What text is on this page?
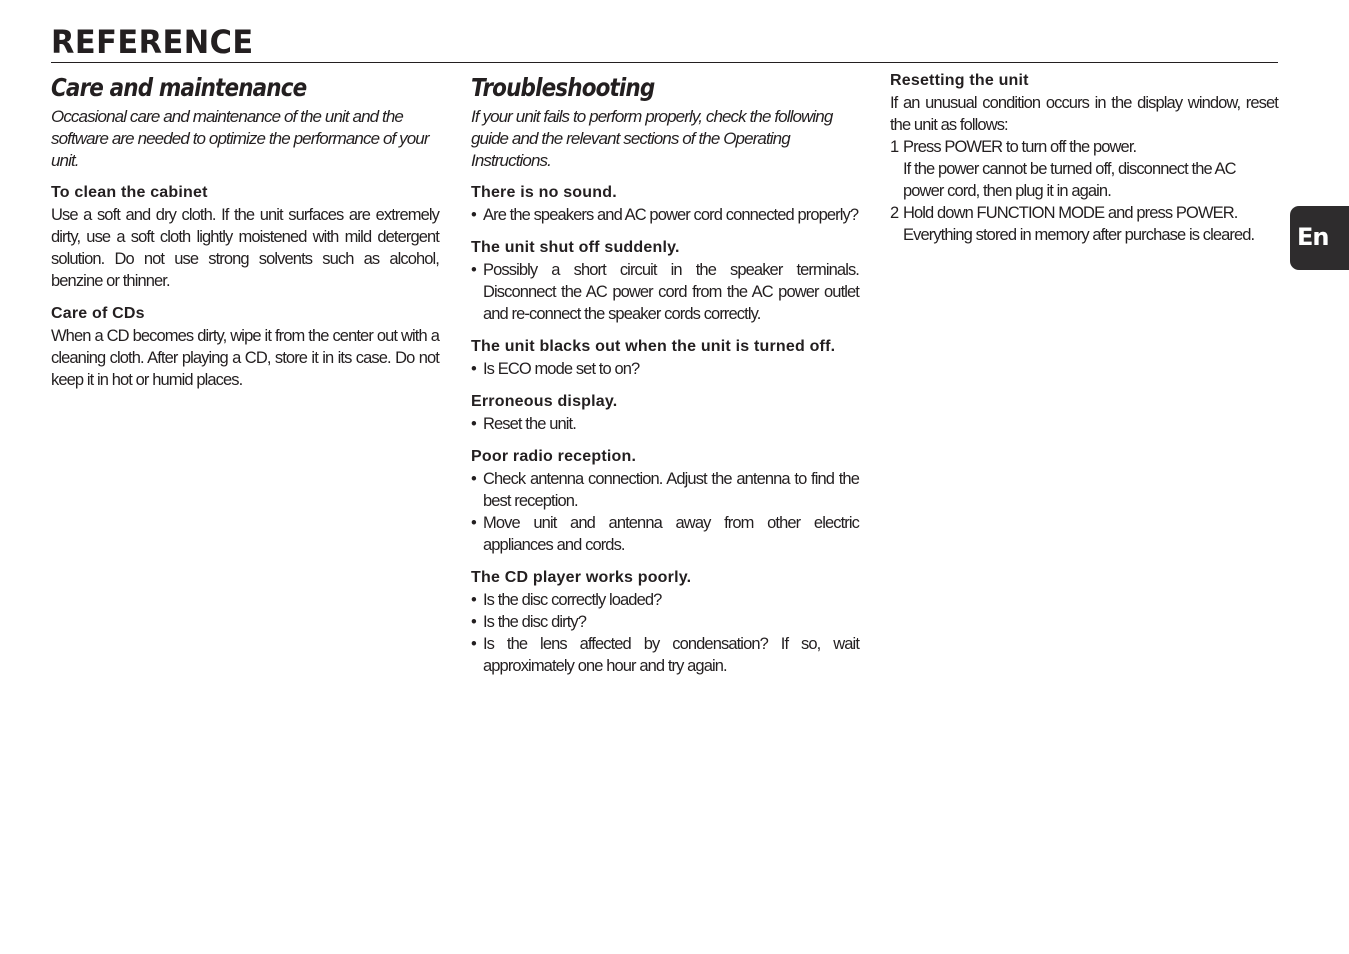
REFERENCE
Care and maintenance

Occasional care and maintenance of the unit and the software are needed to optimize the performance of your unit.

To clean the cabinet

Use a soft and dry cloth. If the unit surfaces are extremely dirty, use a soft cloth lightly moistened with mild detergent solution. Do not use strong solvents such as alcohol, benzine or thinner.

Care of CDs

When a CD becomes dirty, wipe it from the center out with a cleaning cloth. After playing a CD, store it in its case. Do not keep it in hot or humid places.

Troubleshooting

If your unit fails to perform properly, check the following guide and the relevant sections of the Operating Instructions.

There is no sound.
• Are the speakers and AC power cord connected properly?
The unit shut off suddenly.
• Possibly a short circuit in the speaker terminals. Disconnect the AC power cord from the AC power outlet and re-connect the speaker cords correctly.
The unit blacks out when the unit is turned off.
• Is ECO mode set to on?
Erroneous display.
• Reset the unit.
Poor radio reception.
• Check antenna connection. Adjust the antenna to find the best reception.
• Move unit and antenna away from other electric appliances and cords.
The CD player works poorly.
• Is the disc correctly loaded?
• Is the disc dirty?
• Is the lens affected by condensation? If so, wait approximately one hour and try again.
Resetting the unit

If an unusual condition occurs in the display window, reset the unit as follows:

1 Press POWER to turn off the power.
If the power cannot be turned off, disconnect the AC power cord, then plug it in again.
2 Hold down FUNCTION MODE and press POWER.
Everything stored in memory after purchase is cleared.	En
